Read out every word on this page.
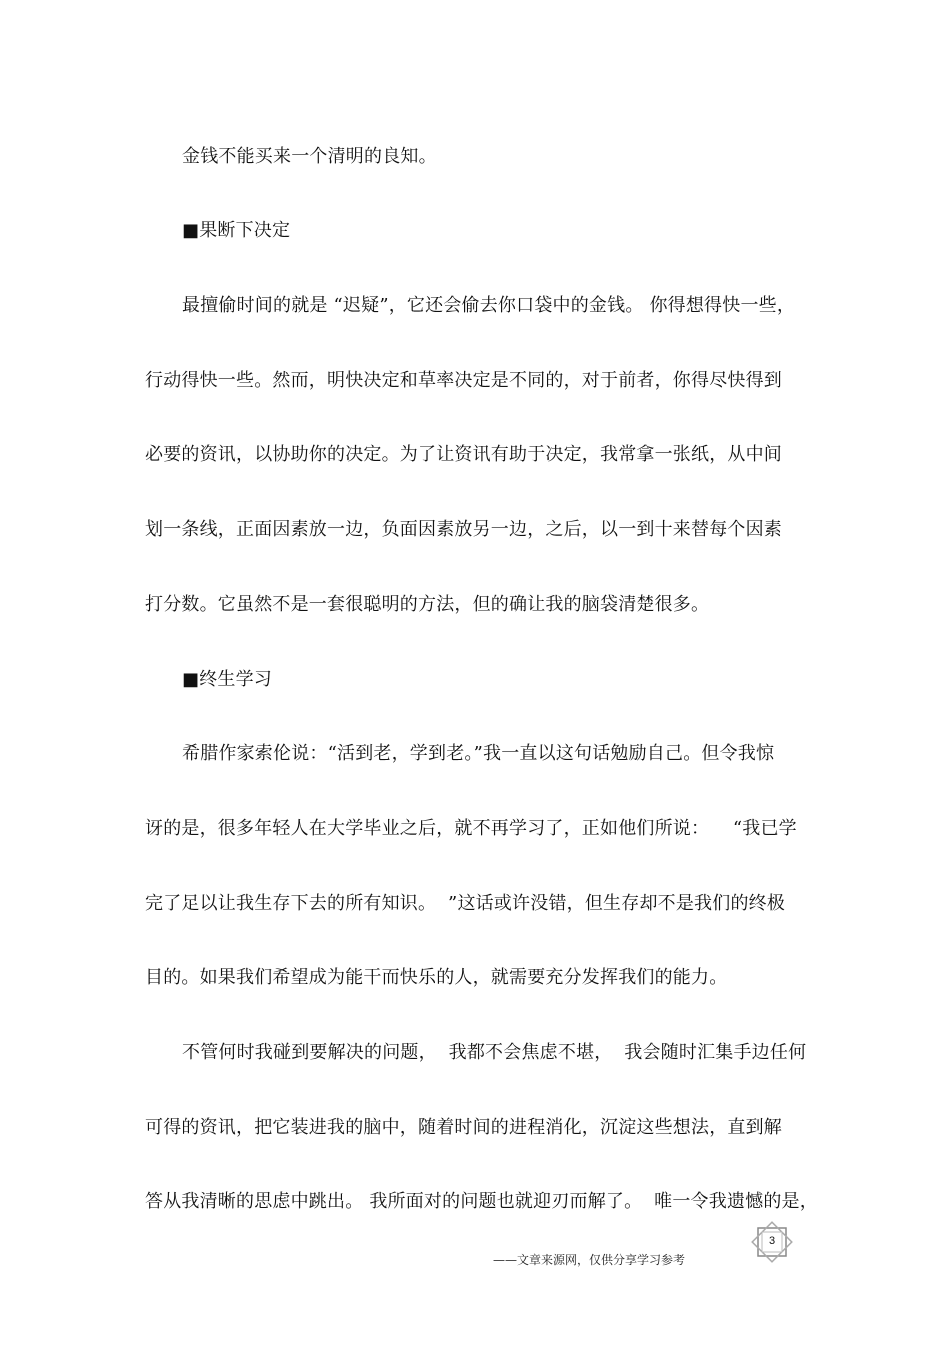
金钱不能买来一个清明的良知。
■果断下决定
最擅偷时间的就是 “迟疑”，它还会偷去你口袋中的金钱。 你得想得快一些，
行动得快一些。然而，明快决定和草率决定是不同的，对于前者，你得尽快得到
必要的资讯，以协助你的决定。为了让资讯有助于决定，我常拿一张纸，从中间
划一条线，正面因素放一边，负面因素放另一边，之后，以一到十来替每个因素
打分数。它虽然不是一套很聪明的方法，但的确让我的脑袋清楚很多。
■终生学习
希腊作家索伦说：“活到老，学到老。”我一直以这句话勉励自己。但令我惊
讶的是，很多年轻人在大学毕业之后，就不再学习了，正如他们所说：    “我已学
完了足以让我生存下去的所有知识。  ”这话或许没错，但生存却不是我们的终极
目的。如果我们希望成为能干而快乐的人，就需要充分发挥我们的能力。
不管何时我碰到要解决的问题，  我都不会焦虑不堪，  我会随时汇集手边任何
可得的资讯，把它装进我的脑中，随着时间的进程消化，沉淀这些想法，直到解
答从我清晰的思虑中跳出。 我所面对的问题也就迎刃而解了。  唯一令我遗憾的是，
3
——文章来源网，仅供分享学习参考
